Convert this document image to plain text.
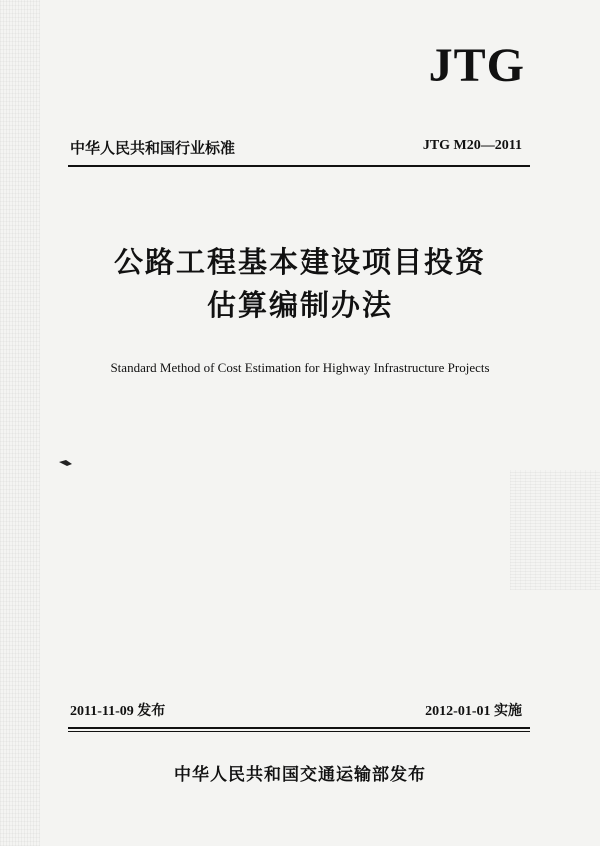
JTG
中华人民共和国行业标准	JTG M20—2011
公路工程基本建设项目投资
估算编制办法
Standard Method of Cost Estimation for Highway Infrastructure Projects
2011-11-09 发布	2012-01-01 实施
中华人民共和国交通运输部发布
